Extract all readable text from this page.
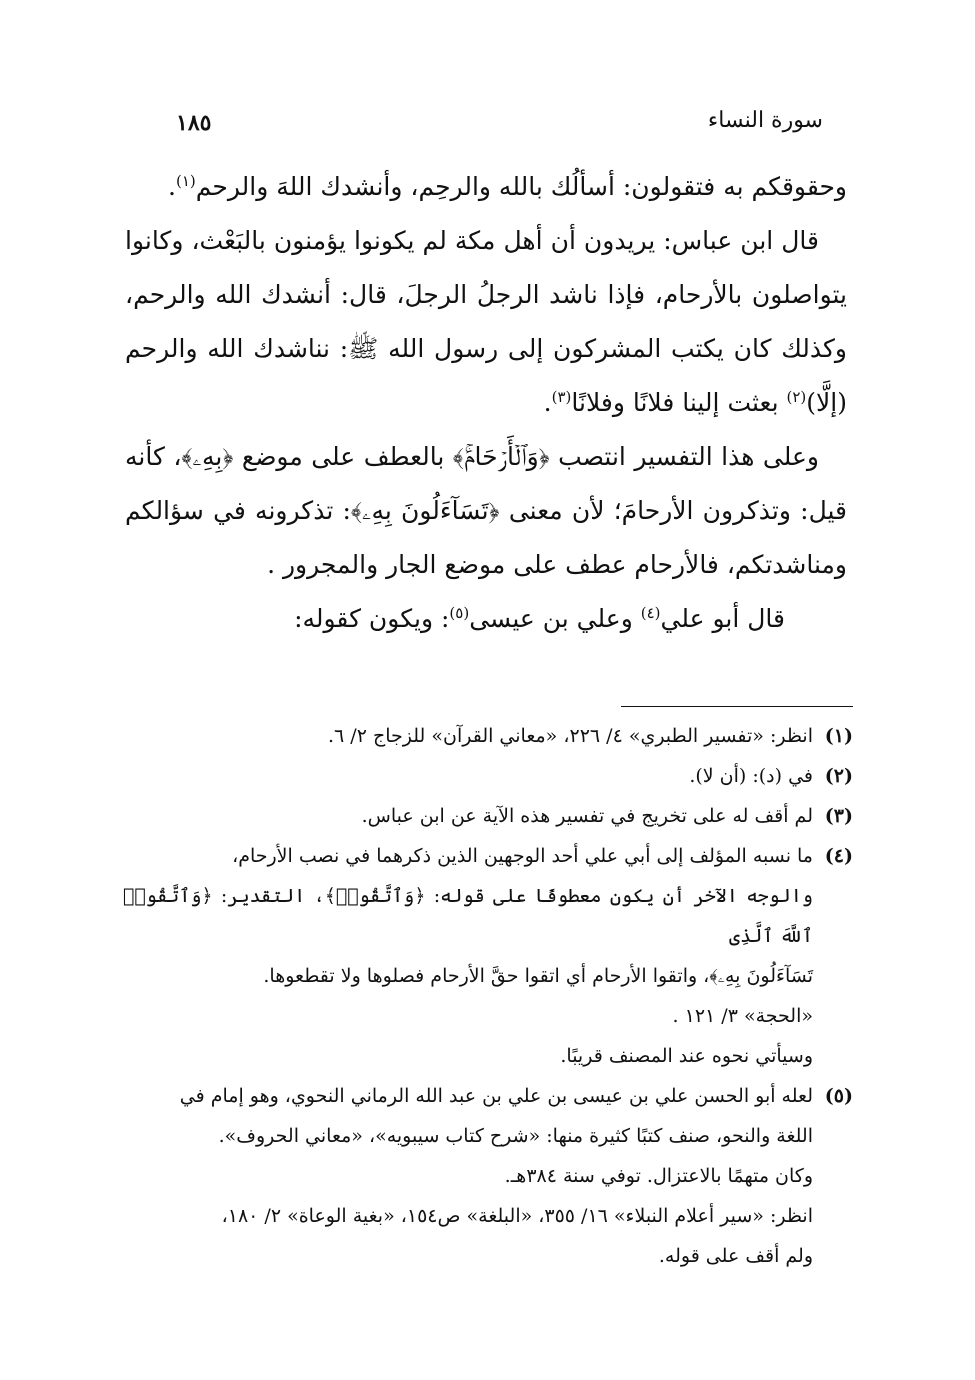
سورة النساء
١٨٥

وحقوقكم به فتقولون: أسألُك بالله والرحِم، وأنشدك اللهَ والرحم$^{(١)}$.

قال ابن عباس: يريدون أن أهل مكة لم يكونوا يؤمنون بالبَعْث، وكانوا يتواصلون بالأرحام، فإذا ناشد الرجلُ الرجلَ، قال: أنشدك الله والرحم، وكذلك كان يكتب المشركون إلى رسول الله ﷺ: نناشدك الله والرحم (إلَّا)$^{(٢)}$ بعثت إلينا فلانًا وفلانًا$^{(٣)}$.

وعلى هذا التفسير انتصب ﴿وَٱلۡأَرۡحَامَۚ﴾ بالعطف على موضع ﴿بِهِۦ﴾، كأنه قيل: وتذكرون الأرحامَ؛ لأن معنى ﴿تَسَآءَلُونَ بِهِۦ﴾: تذكرونه في سؤالكم ومناشدتكم، فالأرحام عطف على موضع الجار والمجرور .

قال أبو علي$^{(٤)}$ وعلي بن عيسى$^{(٥)}$: ويكون كقوله:

(١)
انظر: «تفسير الطبري» ٤/ ٢٢٦، «معاني القرآن» للزجاج ٢/ ٦.
(٢)
في (د): (أن لا).
(٣)
لم أقف له على تخريج في تفسير هذه الآية عن ابن عباس.
(٤)
ما نسبه المؤلف إلى أبي علي أحد الوجهين الذين ذكرهما في نصب الأرحام،
والوجه الآخر أن يكون معطوفًا على قوله: ﴿وَٱتَّقُوا۟﴾، التقدير: ﴿وَٱتَّقُوا۟ ٱللَّهَ ٱلَّذِى
تَسَآءَلُونَ بِهِۦ﴾، واتقوا الأرحام أي اتقوا حقَّ الأرحام فصلوها ولا تقطعوها.
«الحجة» ٣/ ١٢١ .
وسيأتي نحوه عند المصنف قريبًا.
(٥)
لعله أبو الحسن علي بن عيسى بن علي بن عبد الله الرماني النحوي، وهو إمام في
اللغة والنحو، صنف كتبًا كثيرة منها: «شرح كتاب سيبويه»، «معاني الحروف».
وكان متهمًا بالاعتزال. توفي سنة ٣٨٤هـ.
انظر: «سير أعلام النبلاء» ١٦/ ٣٥٥، «البلغة» ص١٥٤، «بغية الوعاة» ٢/ ١٨٠،
ولم أقف على قوله.
